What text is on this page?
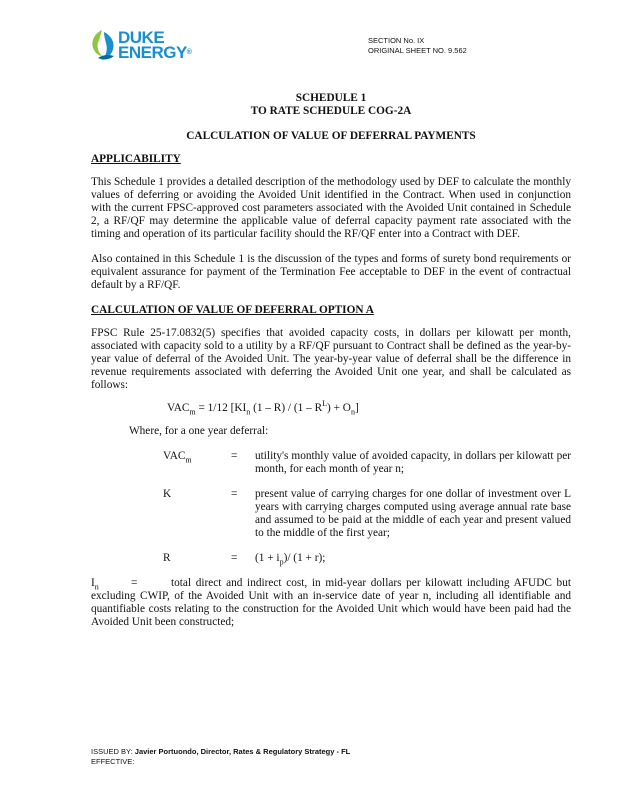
DUKE
ENERGY®
SECTION No. IX
ORIGINAL SHEET NO. 9.562
SCHEDULE 1
TO RATE SCHEDULE COG-2A
CALCULATION OF VALUE OF DEFERRAL PAYMENTS
APPLICABILITY

This Schedule 1 provides a detailed description of the methodology used by DEF to calculate the monthly values of deferring or avoiding the Avoided Unit identified in the Contract. When used in conjunction with the current FPSC-approved cost parameters associated with the Avoided Unit contained in Schedule 2, a RF/QF may determine the applicable value of deferral capacity payment rate associated with the timing and operation of its particular facility should the RF/QF enter into a Contract with DEF.

Also contained in this Schedule 1 is the discussion of the types and forms of surety bond requirements or equivalent assurance for payment of the Termination Fee acceptable to DEF in the event of contractual default by a RF/QF.

CALCULATION OF VALUE OF DEFERRAL OPTION A

FPSC Rule 25-17.0832(5) specifies that avoided capacity costs, in dollars per kilowatt per month, associated with capacity sold to a utility by a RF/QF pursuant to Contract shall be defined as the year-by-year value of deferral of the Avoided Unit. The year-by-year value of deferral shall be the difference in revenue requirements associated with deferring the Avoided Unit one year, and shall be calculated as follows:

$VAC_m = 1/12$ [$KI_n$ $(1 - R) / (1 - R^L) + O_n$]
Where, for a one year deferral:
$VAC_m$	=	utility's monthly value of avoided capacity, in dollars per kilowatt per month, for each month of year n;
K	=	present value of carrying charges for one dollar of investment over L years with carrying charges computed using average annual rate base and assumed to be paid at the middle of each year and present valued to the middle of the first year;
R	=	$(1 + i_p)/$ (1 + r);
$I_n$	=	total direct and indirect cost, in mid-year dollars per kilowatt including AFUDC but excluding CWIP, of the Avoided Unit with an in-service date of year n, including all identifiable and quantifiable costs relating to the construction for the Avoided Unit which would have been paid had the Avoided Unit been constructed;
ISSUED BY: Javier Portuondo, Director, Rates & Regulatory Strategy - FL
EFFECTIVE:
